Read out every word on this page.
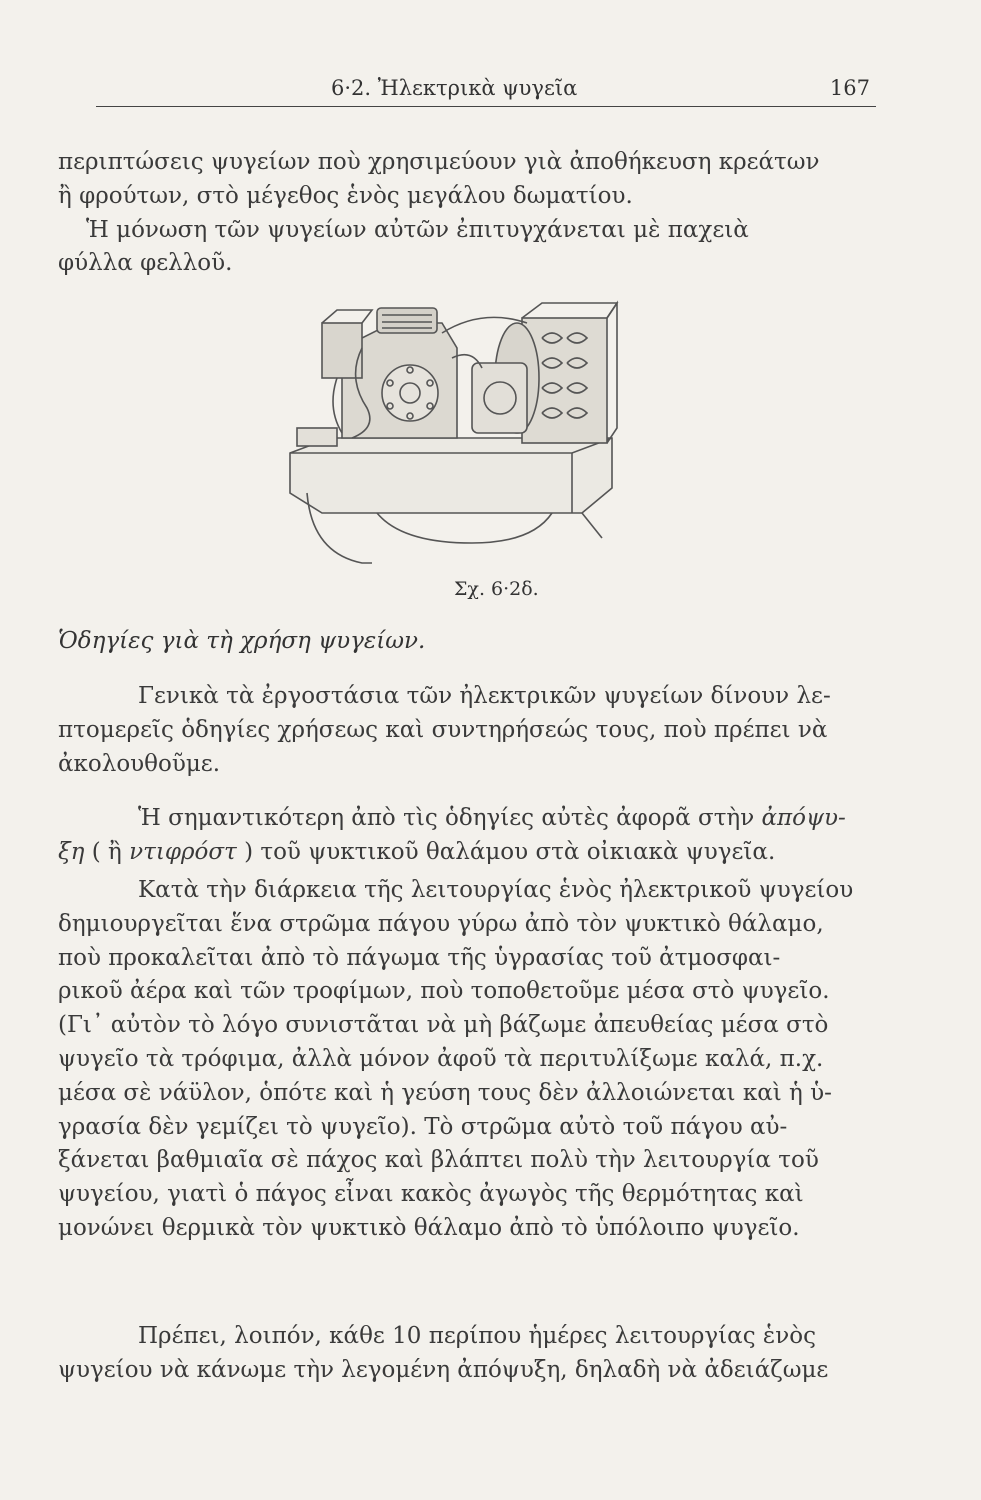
6·2. Ἠλεκτρικὰ ψυγεῖα	167

περιπτώσεις ψυγείων ποὺ χρησιμεύουν γιὰ ἀποθήκευση κρεάτων
ἢ φρούτων, στὸ μέγεθος ἑνὸς μεγάλου δωματίου.
Ἡ μόνωση τῶν ψυγείων αὐτῶν ἐπιτυγχάνεται μὲ παχειὰ
φύλλα φελλοῦ.

Σχ. 6·2δ.
Ὁδηγίες γιὰ τὴ χρήση ψυγείων.

Γενικὰ τὰ ἐργοστάσια τῶν ἠλεκτρικῶν ψυγείων δίνουν λε-
πτομερεῖς ὁδηγίες χρήσεως καὶ συντηρήσεώς τους, ποὺ πρέπει νὰ
ἀκολουθοῦμε.

Ἡ σημαντικότερη ἀπὸ τὶς ὁδηγίες αὐτὲς ἀφορᾶ στὴν ἀπόψυ-
ξη ( ἢ ντιφρόστ ) τοῦ ψυκτικοῦ θαλάμου στὰ οἰκιακὰ ψυγεῖα.

Κατὰ τὴν διάρκεια τῆς λειτουργίας ἑνὸς ἠλεκτρικοῦ ψυγείου
δημιουργεῖται ἕνα στρῶμα πάγου γύρω ἀπὸ τὸν ψυκτικὸ θάλαμο,
ποὺ προκαλεῖται ἀπὸ τὸ πάγωμα τῆς ὑγρασίας τοῦ ἀτμοσφαι-
ρικοῦ ἀέρα καὶ τῶν τροφίμων, ποὺ τοποθετοῦμε μέσα στὸ ψυγεῖο.
(Γι᾽ αὐτὸν τὸ λόγο συνιστᾶται νὰ μὴ βάζωμε ἀπευθείας μέσα στὸ
ψυγεῖο τὰ τρόφιμα, ἀλλὰ μόνον ἀφοῦ τὰ περιτυλίξωμε καλά, π.χ.
μέσα σὲ νάϋλον, ὁπότε καὶ ἡ γεύση τους δὲν ἀλλοιώνεται καὶ ἡ ὑ-
γρασία δὲν γεμίζει τὸ ψυγεῖο). Τὸ στρῶμα αὐτὸ τοῦ πάγου αὐ-
ξάνεται βαθμιαῖα σὲ πάχος καὶ βλάπτει πολὺ τὴν λειτουργία τοῦ
ψυγείου, γιατὶ ὁ πάγος εἶναι κακὸς ἀγωγὸς τῆς θερμότητας καὶ
μονώνει θερμικὰ τὸν ψυκτικὸ θάλαμο ἀπὸ τὸ ὑπόλοιπο ψυγεῖο.

Πρέπει, λοιπόν, κάθε 10 περίπου ἡμέρες λειτουργίας ἑνὸς
ψυγείου νὰ κάνωμε τὴν λεγομένη ἀπόψυξη, δηλαδὴ νὰ ἀδειάζωμε
